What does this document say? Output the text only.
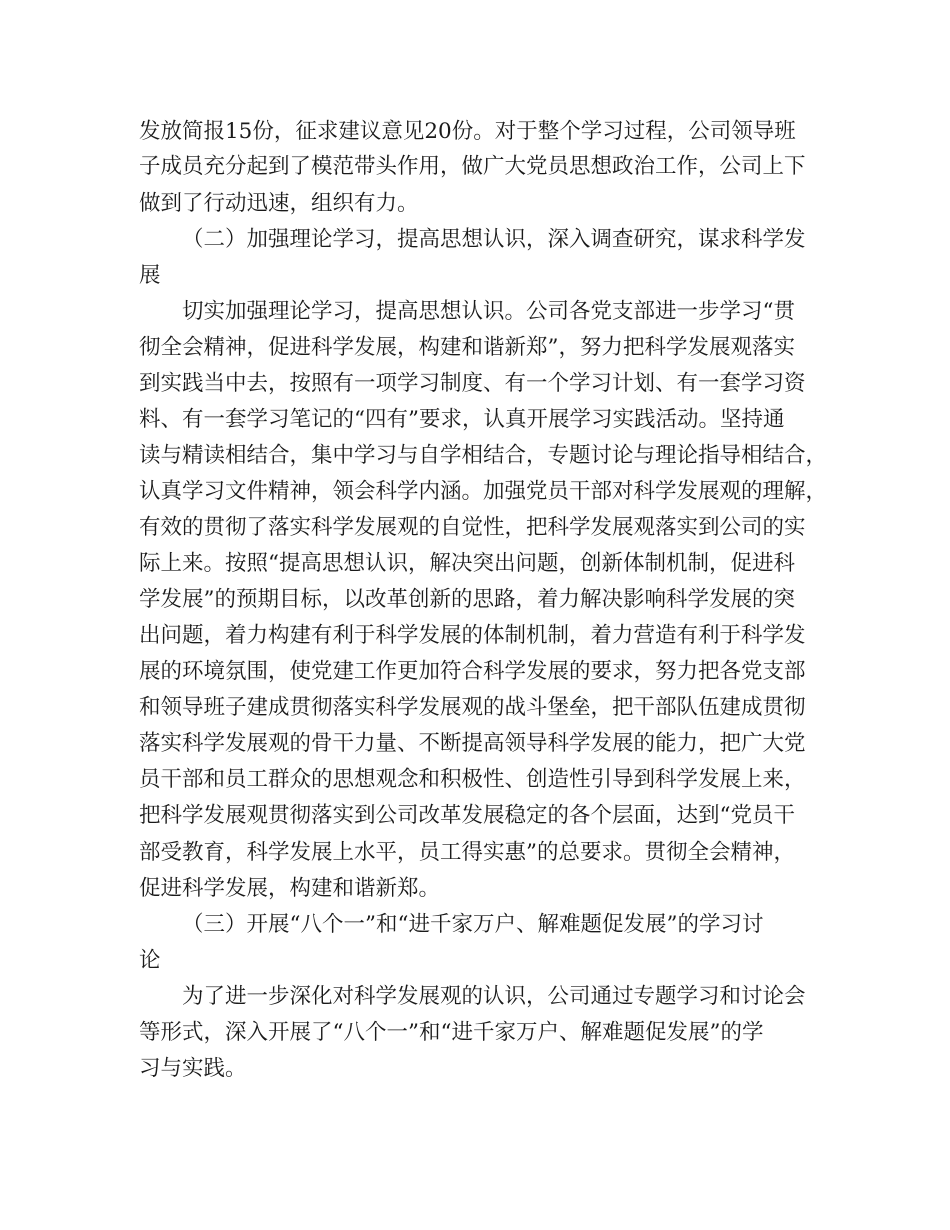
发放简报15份，征求建议意见20份。对于整个学习过程，公司领导班
子成员充分起到了模范带头作用，做广大党员思想政治工作，公司上下
做到了行动迅速，组织有力。
（二）加强理论学习，提高思想认识，深入调查研究，谋求科学发
展
切实加强理论学习，提高思想认识。公司各党支部进一步学习“贯
彻全会精神，促进科学发展，构建和谐新郑”，努力把科学发展观落实
到实践当中去，按照有一项学习制度、有一个学习计划、有一套学习资
料、有一套学习笔记的“四有”要求，认真开展学习实践活动。坚持通
读与精读相结合，集中学习与自学相结合，专题讨论与理论指导相结合，
认真学习文件精神，领会科学内涵。加强党员干部对科学发展观的理解，
有效的贯彻了落实科学发展观的自觉性，把科学发展观落实到公司的实
际上来。按照“提高思想认识，解决突出问题，创新体制机制，促进科
学发展”的预期目标，以改革创新的思路，着力解决影响科学发展的突
出问题，着力构建有利于科学发展的体制机制，着力营造有利于科学发
展的环境氛围，使党建工作更加符合科学发展的要求，努力把各党支部
和领导班子建成贯彻落实科学发展观的战斗堡垒，把干部队伍建成贯彻
落实科学发展观的骨干力量、不断提高领导科学发展的能力，把广大党
员干部和员工群众的思想观念和积极性、创造性引导到科学发展上来，
把科学发展观贯彻落实到公司改革发展稳定的各个层面，达到“党员干
部受教育，科学发展上水平，员工得实惠”的总要求。贯彻全会精神，
促进科学发展，构建和谐新郑。
（三）开展“八个一”和“进千家万户、解难题促发展”的学习讨
论
为了进一步深化对科学发展观的认识，公司通过专题学习和讨论会
等形式，深入开展了“八个一”和“进千家万户、解难题促发展”的学
习与实践。
